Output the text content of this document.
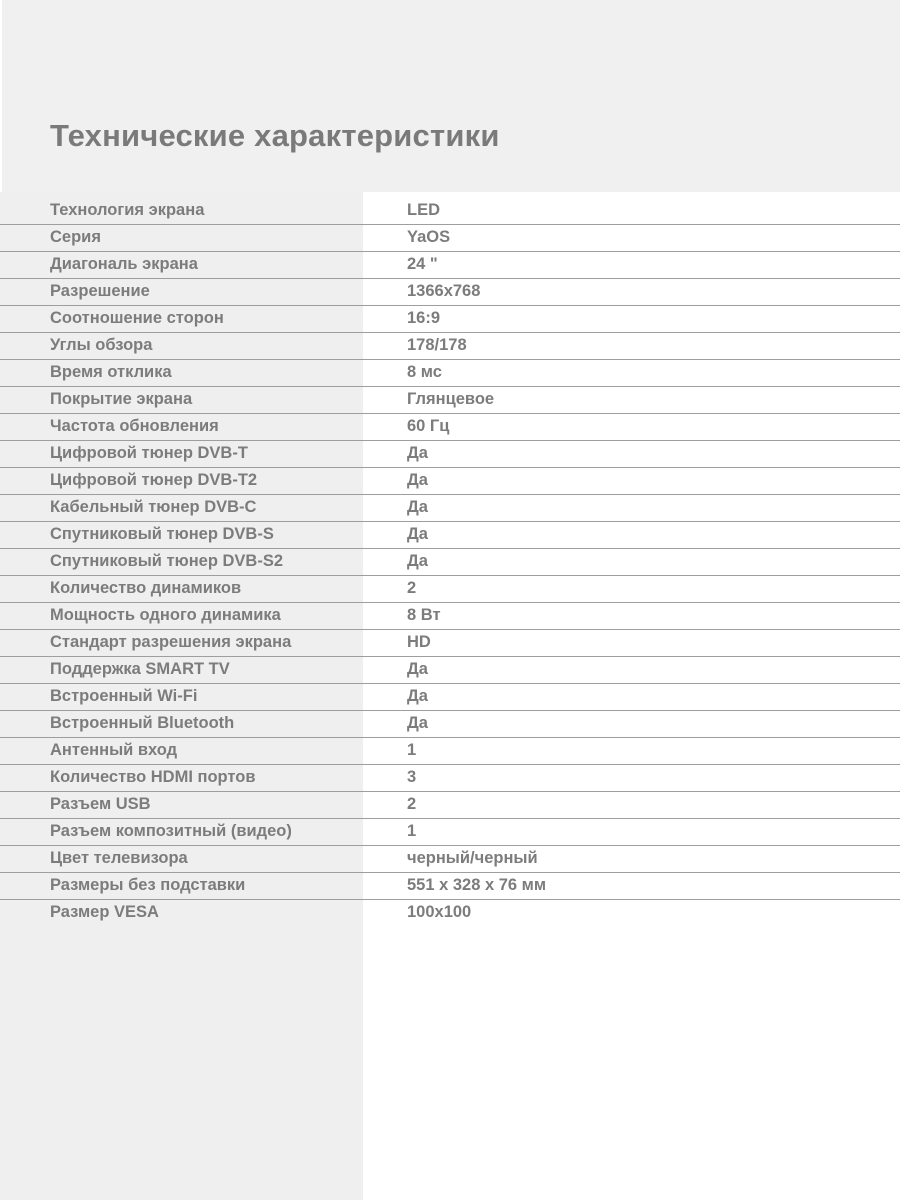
Технические характеристики
Технология экрана	LED
Серия	YaOS
Диагональ экрана	24 "
Разрешение	1366x768
Соотношение сторон	16:9
Углы обзора	178/178
Время отклика	8 мс
Покрытие экрана	Глянцевое
Частота обновления	60 Гц
Цифровой тюнер DVB-T	Да
Цифровой тюнер DVB-T2	Да
Кабельный тюнер DVB-C	Да
Спутниковый тюнер DVB-S	Да
Спутниковый тюнер DVB-S2	Да
Количество динамиков	2
Мощность одного динамика	8 Вт
Стандарт разрешения экрана	HD
Поддержка SMART TV	Да
Встроенный Wi-Fi	Да
Встроенный Bluetooth	Да
Антенный вход	1
Количество HDMI портов	3
Разъем USB	2
Разъем композитный (видео)	1
Цвет телевизора	черный/черный
Размеры без подставки	551 x 328 x 76 мм
Размер VESA	100x100
